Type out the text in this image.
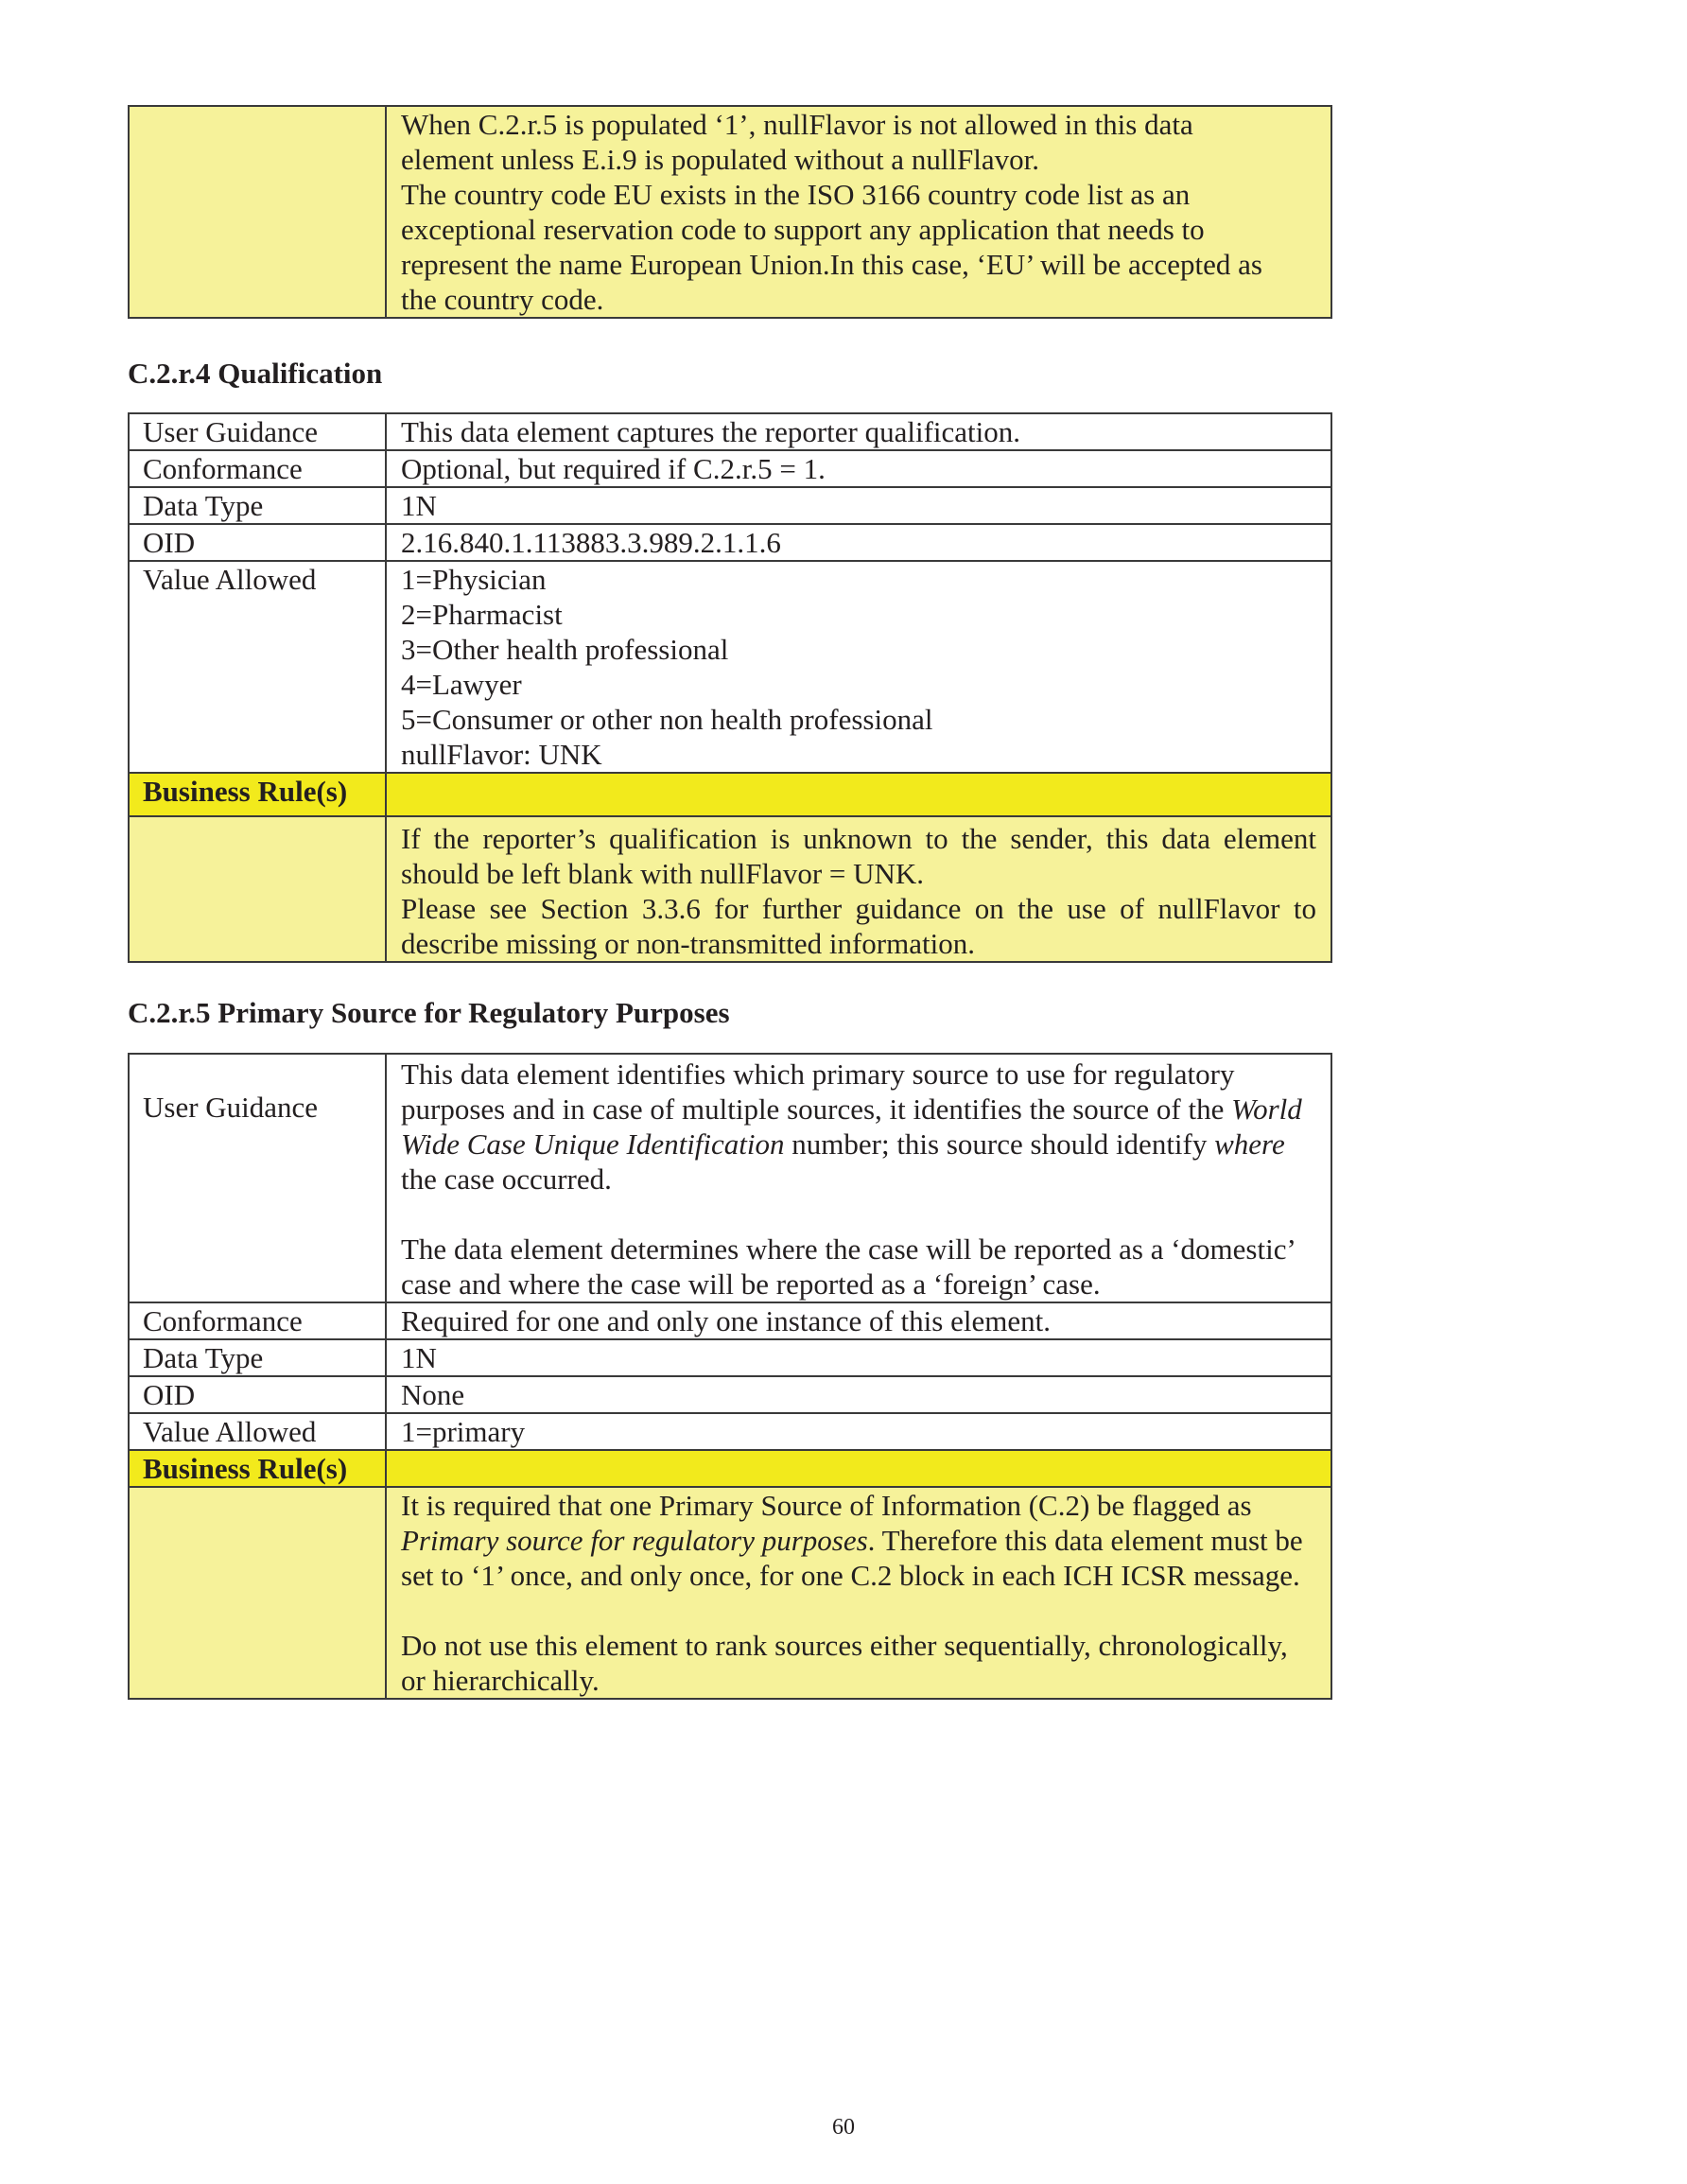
When C.2.r.5 is populated ‘1’, nullFlavor is not allowed in this data
element unless E.i.9 is populated without a nullFlavor.
The country code EU exists in the ISO 3166 country code list as an
exceptional reservation code to support any application that needs to
represent the name European Union.In this case, ‘EU’ will be accepted as
the country code.
C.2.r.4 Qualification
User Guidance	This data element captures the reporter qualification.
Conformance	Optional, but required if C.2.r.5 = 1.
Data Type	1N
OID	2.16.840.1.113883.3.989.2.1.1.6
Value Allowed	1=Physician
2=Pharmacist
3=Other health professional
4=Lawyer
5=Consumer or other non health professional
nullFlavor: UNK

Business Rule(s)	

	If the reporter’s qualification is unknown to the sender, this data element should be left blank with nullFlavor = UNK.
Please see Section 3.3.6 for further guidance on the use of nullFlavor to describe missing or non-transmitted information.
C.2.r.5 Primary Source for Regulatory Purposes
User Guidance	This data element identifies which primary source to use for regulatory purposes and in case of multiple sources, it identifies the source of the World Wide Case Unique Identification number; this source should identify where the case occurred.
The data element determines where the case will be reported as a ‘domestic’ case and where the case will be reported as a ‘foreign’ case.

Conformance	Required for one and only one instance of this element.
Data Type	1N
OID	None
Value Allowed	1=primary
Business Rule(s)	

	It is required that one Primary Source of Information (C.2) be flagged as Primary source for regulatory purposes. Therefore this data element must be set to ‘1’ once, and only once, for one C.2 block in each ICH ICSR message.
Do not use this element to rank sources either sequentially, chronologically, or hierarchically.
60
